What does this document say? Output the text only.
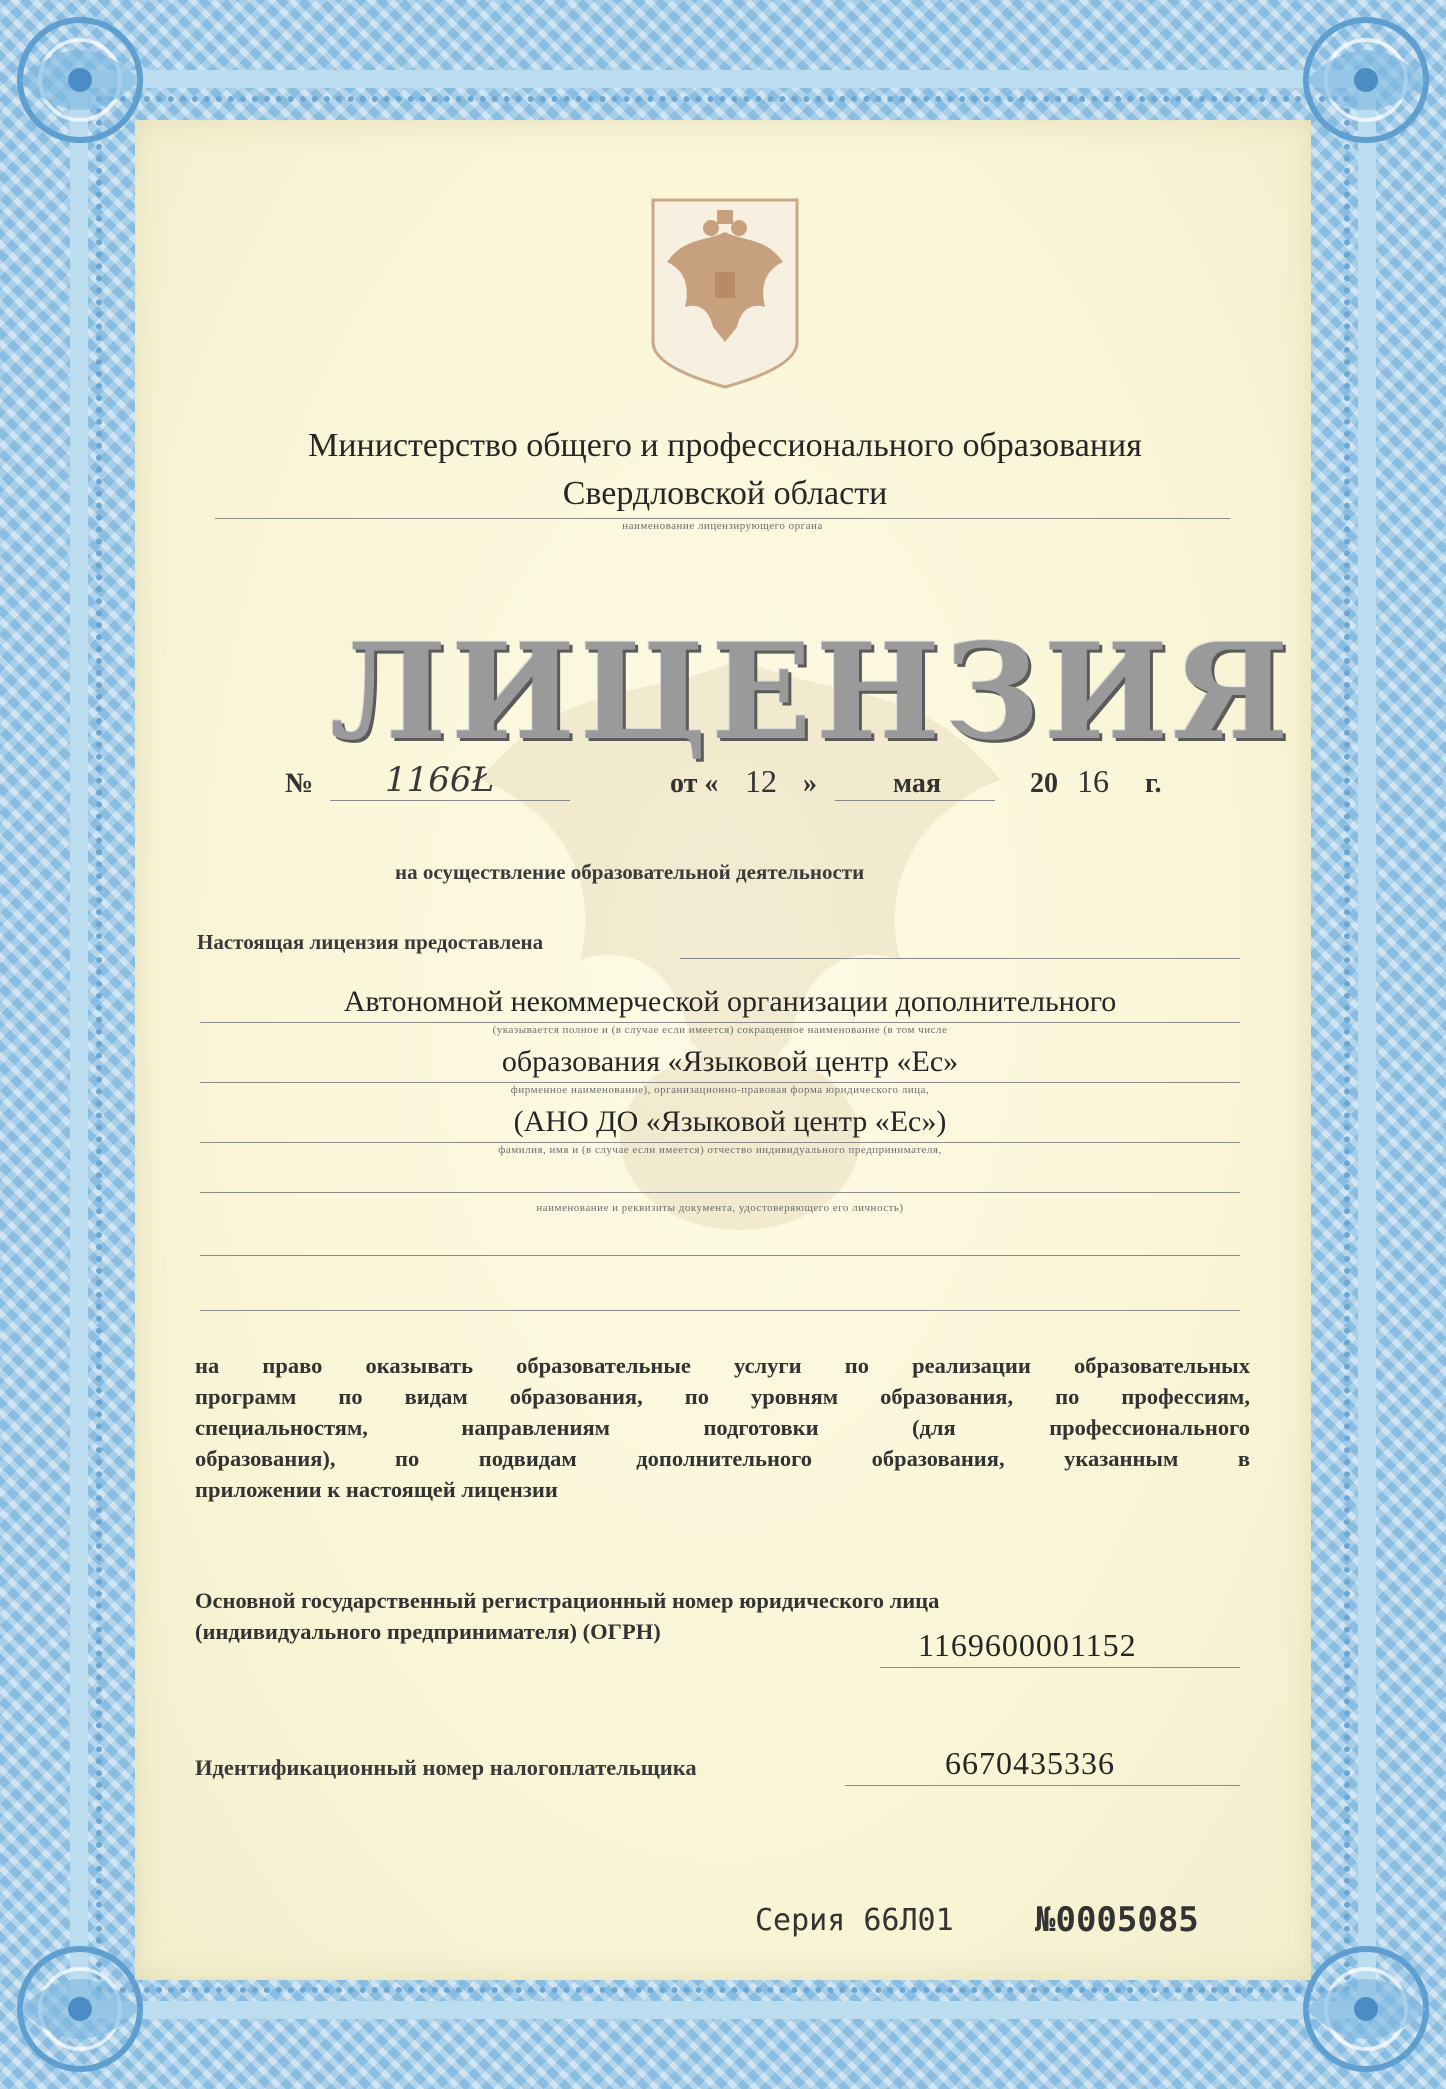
Министерство общего и профессионального образования
Свердловской области
наименование лицензирующего органа
ЛИЦЕНЗИЯ
№ 1166Ł	от « 12 »	мая	20 16 г.
на осуществление образовательной деятельности
Настоящая лицензия предоставлена
Автономной некоммерческой организации дополнительного
(указывается полное и (в случае если имеется) сокращенное наименование (в том числе
образования «Языковой центр «Ес»
фирменное наименование), организационно-правовая форма юридического лица,
(АНО ДО «Языковой центр «Ес»)
фамилия, имя и (в случае если имеется) отчество индивидуального предпринимателя,
наименование и реквизиты документа, удостоверяющего его личность)
на право оказывать образовательные услуги по реализации образовательных
программ по видам образования, по уровням образования, по профессиям,
специальностям, направлениям подготовки (для профессионального
образования), по подвидам дополнительного образования, указанным в
приложении к настоящей лицензии
Основной государственный регистрационный номер юридического лица
(индивидуального предпринимателя) (ОГРН)	1169600001152
Идентификационный номер налогоплательщика	6670435336
Серия 66Л01 №0005085
